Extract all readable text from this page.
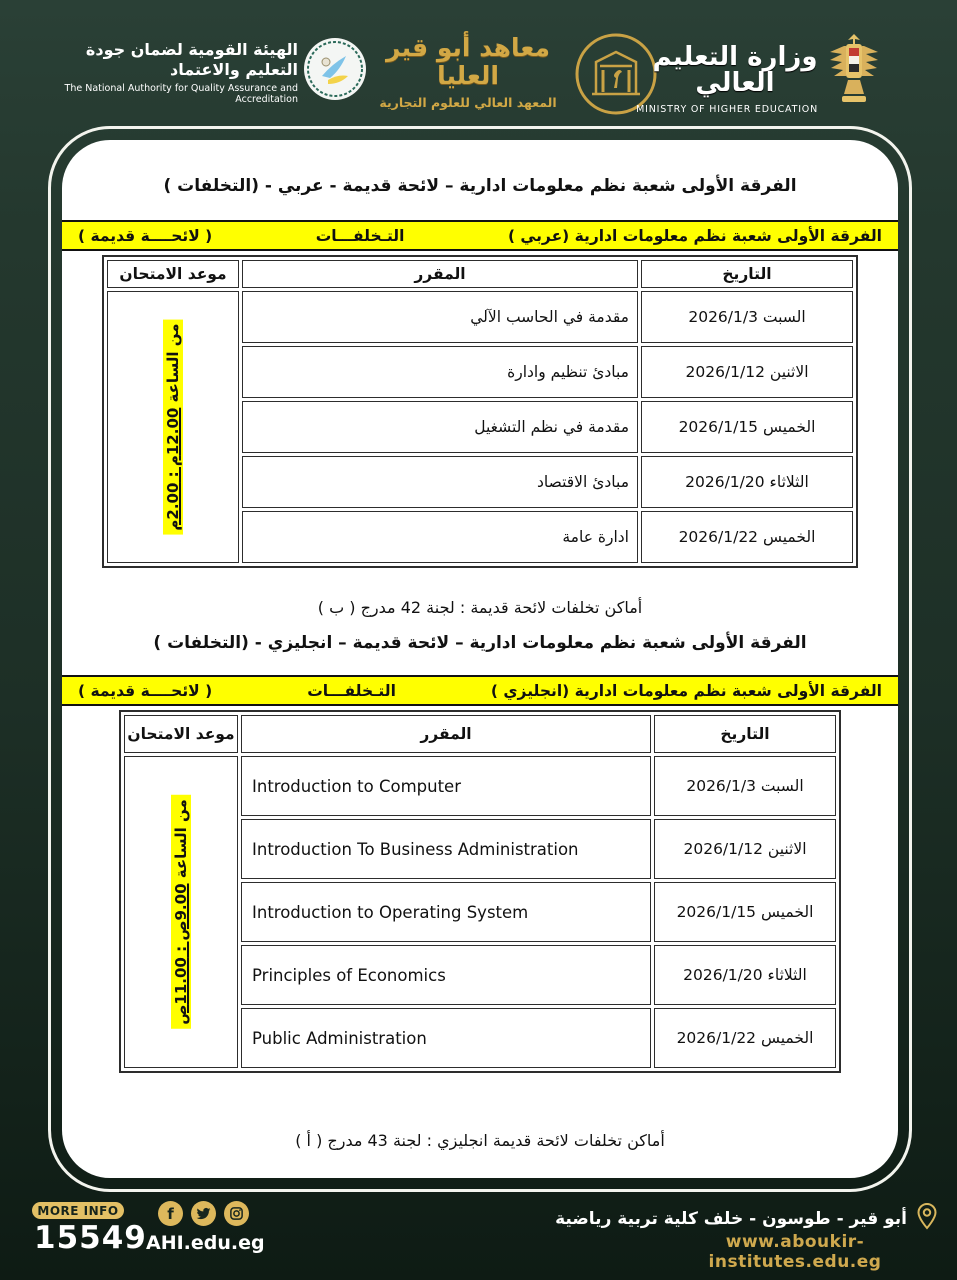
الهيئة القومية لضمان جودة التعليم والاعتماد
The National Authority for Quality Assurance and Accreditation
معاهد أبو قير العليا
المعهد العالي للعلوم التجارية
وزارة التعليم العالي
MINISTRY OF HIGHER EDUCATION
الفرقة الأولى شعبة نظم معلومات ادارية – لائحة قديمة - عربي - (التخلفات )
الفرقة الأولى شعبة نظم معلومات ادارية (عربي )
التـخلفـــات
( لائحــــة قديمة )
التاريخ	المقرر	موعد الامتحان
السبت 2026/1/3	مقدمة في الحاسب الآلي	من الساعة 12.00م : 2.00م

الاثنين 2026/1/12	مبادئ تنظيم وادارة	
الخميس 2026/1/15	مقدمة في نظم التشغيل	
الثلاثاء 2026/1/20	مبادئ الاقتصاد	
الخميس 2026/1/22	ادارة عامة	
أماكن تخلفات لائحة قديمة : لجنة 42 مدرج ( ب )
الفرقة الأولى شعبة نظم معلومات ادارية – لائحة قديمة – انجليزي - (التخلفات )
الفرقة الأولى شعبة نظم معلومات ادارية (انجليزي )
التـخلفـــات
( لائحــــة قديمة )
التاريخ	المقرر	موعد الامتحان
السبت 2026/1/3	Introduction to Computer	من الساعة 9.00ص : 11.00ص

الاثنين 2026/1/12	Introduction To Business Administration	
الخميس 2026/1/15	Introduction to Operating System	
الثلاثاء 2026/1/20	Principles of Economics	
الخميس 2026/1/22	Public Administration	
أماكن تخلفات لائحة قديمة انجليزي : لجنة 43 مدرج ( أ )
MORE INFO
15549
f
AHI.edu.eg
أبو قير - طوسون - خلف كلية تربية رياضية
www.aboukir-institutes.edu.eg
